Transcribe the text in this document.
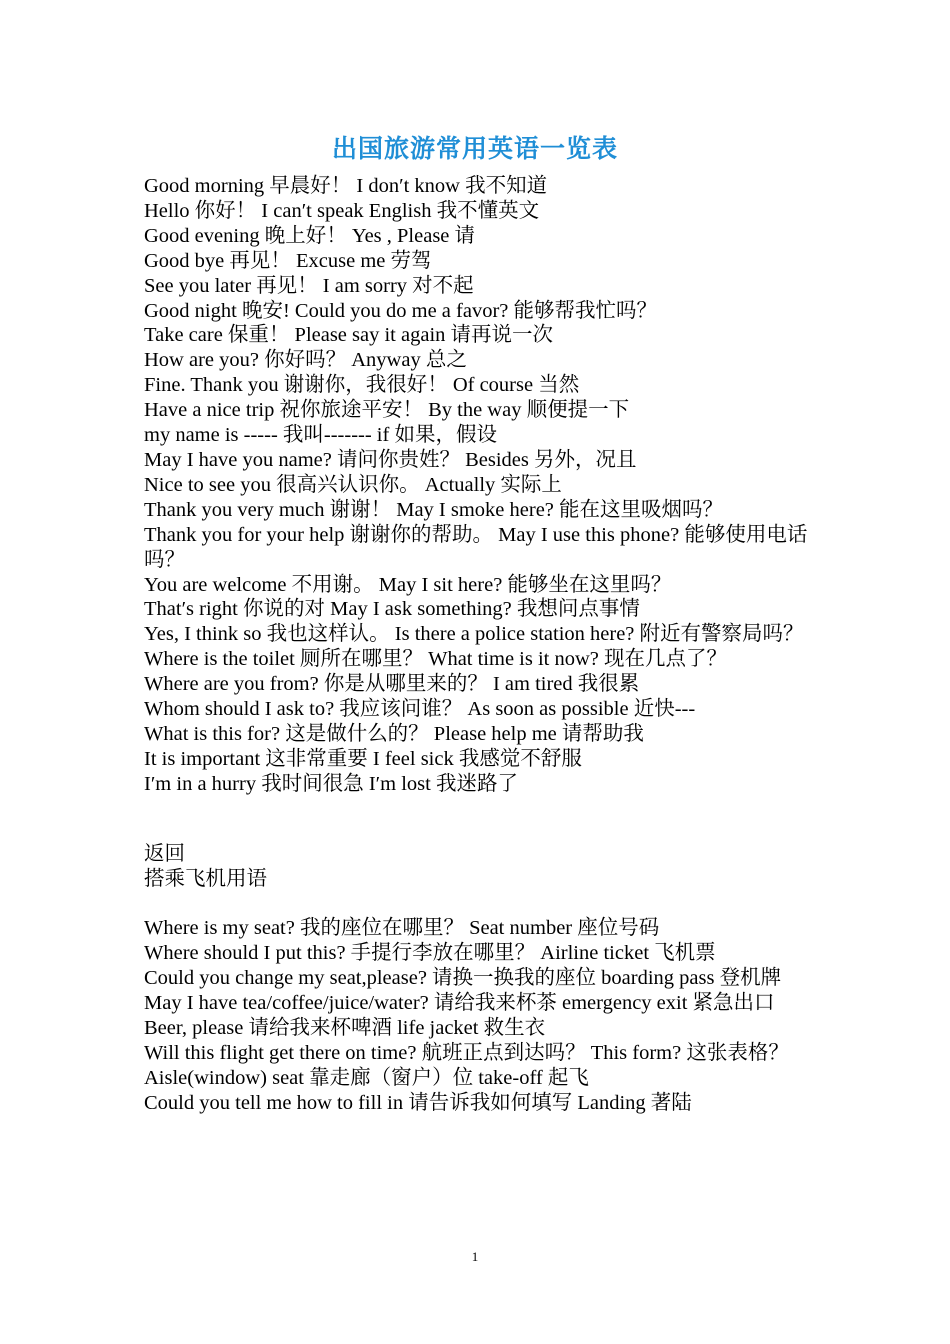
出国旅游常用英语一览表
Good morning 早晨好！ I don′t know 我不知道
Hello 你好！ I can′t speak English 我不懂英文
Good evening 晚上好！ Yes , Please 请
Good bye 再见！ Excuse me 劳驾
See you later 再见！ I am sorry 对不起
Good night 晚安! Could you do me a favor? 能够帮我忙吗？
Take care 保重！ Please say it again 请再说一次
How are you? 你好吗？ Anyway 总之
Fine. Thank you 谢谢你，我很好！ Of course 当然
Have a nice trip 祝你旅途平安！ By the way 顺便提一下
my name is ----- 我叫------- if 如果，假设
May I have you name? 请问你贵姓？ Besides 另外，况且
Nice to see you 很高兴认识你。 Actually 实际上
Thank you very much 谢谢！ May I smoke here? 能在这里吸烟吗？
Thank you for your help 谢谢你的帮助。 May I use this phone? 能够使用电话吗？
You are welcome 不用谢。 May I sit here? 能够坐在这里吗？
That′s right 你说的对 May I ask something? 我想问点事情
Yes, I think so 我也这样认。 Is there a police station here? 附近有警察局吗？
Where is the toilet 厕所在哪里？ What time is it now? 现在几点了？
Where are you from? 你是从哪里来的？ I am tired 我很累
Whom should I ask to? 我应该问谁？ As soon as possible 近快---
What is this for? 这是做什么的？ Please help me 请帮助我
It is important 这非常重要 I feel sick 我感觉不舒服
I′m in a hurry 我时间很急 I′m lost 我迷路了
返回
搭乘飞机用语
Where is my seat? 我的座位在哪里？ Seat number 座位号码
Where should I put this? 手提行李放在哪里？ Airline ticket 飞机票
Could you change my seat,please? 请换一换我的座位 boarding pass 登机牌
May I have tea/coffee/juice/water? 请给我来杯茶 emergency exit 紧急出口
Beer, please 请给我来杯啤酒 life jacket 救生衣
Will this flight get there on time? 航班正点到达吗？ This form? 这张表格？
Aisle(window) seat 靠走廊（窗户）位 take-off 起飞
Could you tell me how to fill in 请告诉我如何填写 Landing 著陆
1
